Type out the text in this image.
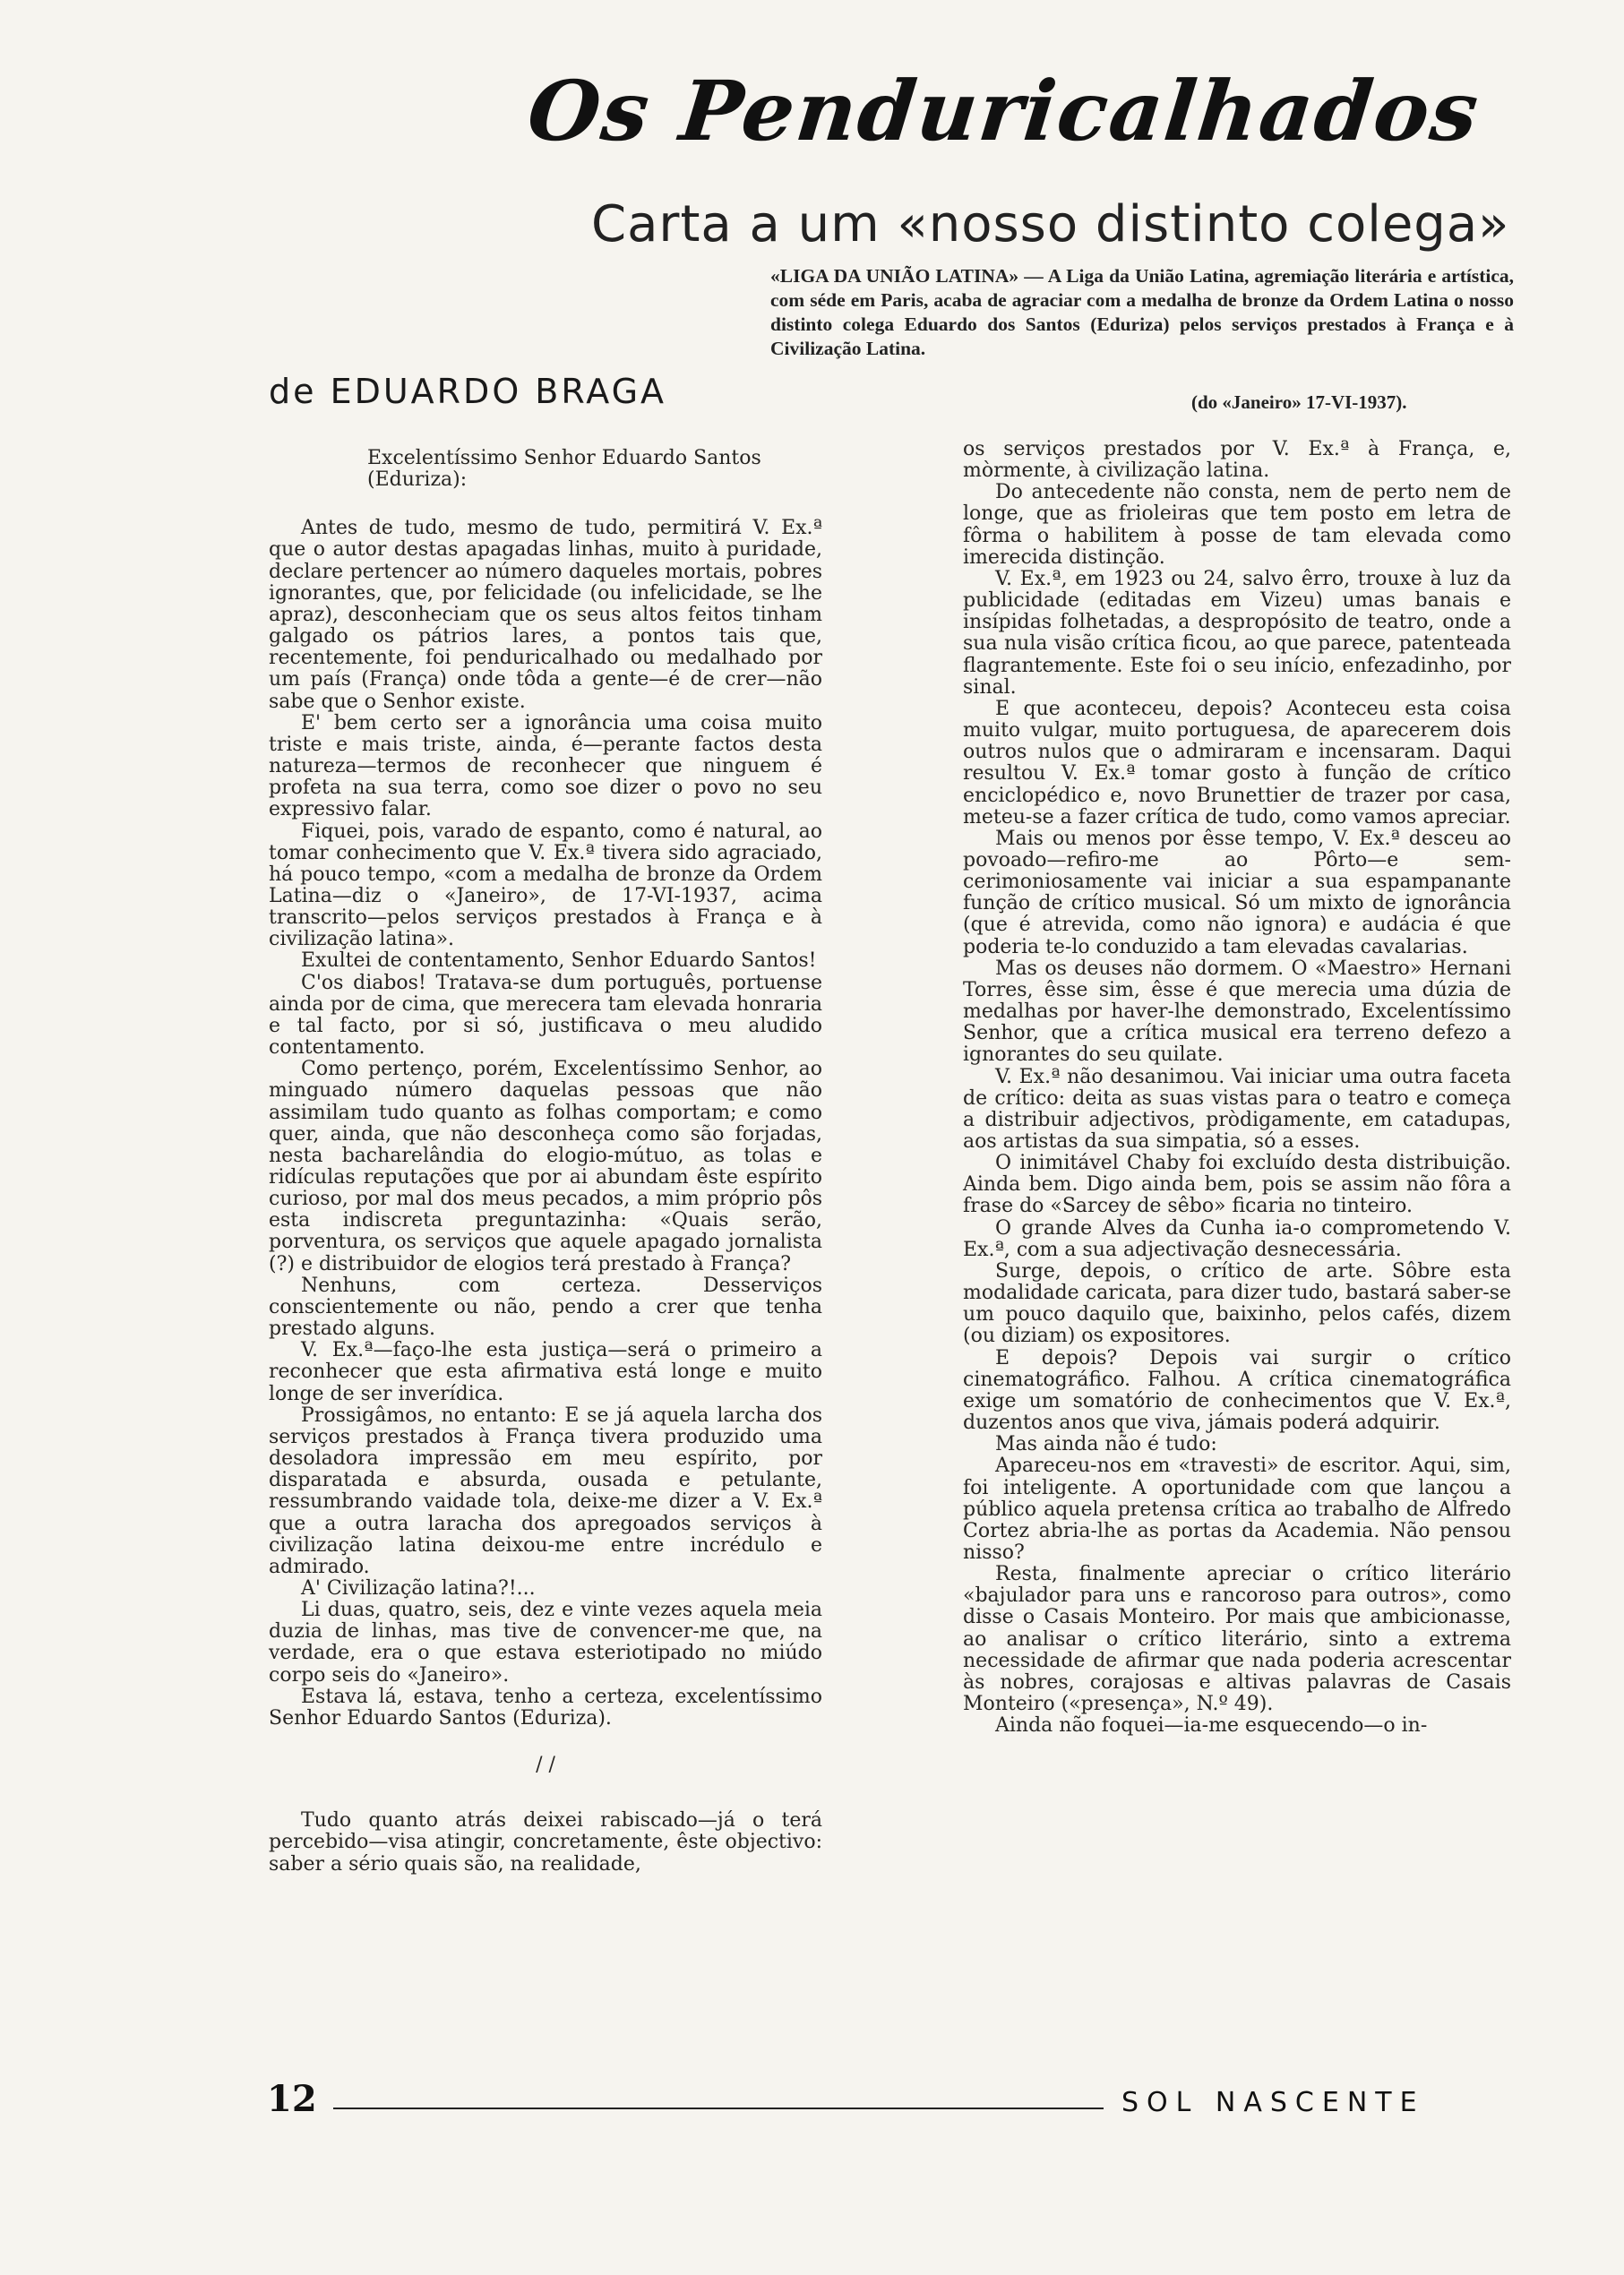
Os Penduricalhados
Carta a um «nosso distinto colega»
de EDUARDO BRAGA
«LIGA DA UNIÃO LATINA» — A Liga da União Latina, agremiação literária e artística, com séde em Paris, acaba de agraciar com a medalha de bronze da Ordem Latina o nosso distinto colega Eduardo dos Santos (Eduriza) pelos serviços prestados à França e à Civilização Latina.
(do «Janeiro» 17-VI-1937).

Excelentíssimo Senhor Eduardo Santos

(Eduriza):

Antes de tudo, mesmo de tudo, permitirá V. Ex.ª que o autor destas apagadas linhas, muito à puridade, declare pertencer ao número daqueles mortais, pobres ignorantes, que, por felicidade (ou infelicidade, se lhe apraz), desconheciam que os seus altos feitos tinham galgado os pátrios lares, a pontos tais que, recentemente, foi penduricalhado ou medalhado por um país (França) onde tôda a gente—é de crer—não sabe que o Senhor existe.

E' bem certo ser a ignorância uma coisa muito triste e mais triste, ainda, é—perante factos desta natureza—termos de reconhecer que ninguem é profeta na sua terra, como soe dizer o povo no seu expressivo falar.

Fiquei, pois, varado de espanto, como é natural, ao tomar conhecimento que V. Ex.ª tivera sido agraciado, há pouco tempo, «com a medalha de bronze da Ordem Latina—diz o «Janeiro», de 17-VI-1937, acima transcrito—pelos serviços prestados à França e à civilização latina».

Exultei de contentamento, Senhor Eduardo Santos!

C'os diabos! Tratava-se dum português, portuense ainda por de cima, que merecera tam elevada honraria e tal facto, por si só, justificava o meu aludido contentamento.

Como pertenço, porém, Excelentíssimo Senhor, ao minguado número daquelas pessoas que não assimilam tudo quanto as folhas comportam; e como quer, ainda, que não desconheça como são forjadas, nesta bacharelândia do elogio-mútuo, as tolas e ridículas reputações que por ai abundam êste espírito curioso, por mal dos meus pecados, a mim próprio pôs esta indiscreta preguntazinha: «Quais serão, porventura, os serviços que aquele apagado jornalista (?) e distribuidor de elogios terá prestado à França?

Nenhuns, com certeza. Desserviços conscientemente ou não, pendo a crer que tenha prestado alguns.

V. Ex.ª—faço-lhe esta justiça—será o primeiro a reconhecer que esta afirmativa está longe e muito longe de ser inverídica.

Prossigâmos, no entanto: E se já aquela larcha dos serviços prestados à França tivera produzido uma desoladora impressão em meu espírito, por disparatada e absurda, ousada e petulante, ressumbrando vaidade tola, deixe-me dizer a V. Ex.ª que a outra laracha dos apregoados serviços à civilização latina deixou-me entre incrédulo e admirado.

A' Civilização latina?!...

Li duas, quatro, seis, dez e vinte vezes aquela meia duzia de linhas, mas tive de convencer-me que, na verdade, era o que estava esteriotipado no miúdo corpo seis do «Janeiro».

Estava lá, estava, tenho a certeza, excelentíssimo Senhor Eduardo Santos (Eduriza).

/ /

Tudo quanto atrás deixei rabiscado—já o terá percebido—visa atingir, concretamente, êste objectivo: saber a sério quais são, na realidade,

os serviços prestados por V. Ex.ª à França, e, mòrmente, à civilização latina.

Do antecedente não consta, nem de perto nem de longe, que as frioleiras que tem posto em letra de fôrma o habilitem à posse de tam elevada como imerecida distinção.

V. Ex.ª, em 1923 ou 24, salvo êrro, trouxe à luz da publicidade (editadas em Vizeu) umas banais e insípidas folhetadas, a despropósito de teatro, onde a sua nula visão crítica ficou, ao que parece, patenteada flagrantemente. Este foi o seu início, enfezadinho, por sinal.

E que aconteceu, depois? Aconteceu esta coisa muito vulgar, muito portuguesa, de aparecerem dois outros nulos que o admiraram e incensaram. Daqui resultou V. Ex.ª tomar gosto à função de crítico enciclopédico e, novo Brunettier de trazer por casa, meteu-se a fazer crítica de tudo, como vamos apreciar.

Mais ou menos por êsse tempo, V. Ex.ª desceu ao povoado—refiro-me ao Pôrto—e sem-cerimoniosamente vai iniciar a sua espampanante função de crítico musical. Só um mixto de ignorância (que é atrevida, como não ignora) e audácia é que poderia te-lo conduzido a tam elevadas cavalarias.

Mas os deuses não dormem. O «Maestro» Hernani Torres, êsse sim, êsse é que merecia uma dúzia de medalhas por haver-lhe demonstrado, Excelentíssimo Senhor, que a crítica musical era terreno defezo a ignorantes do seu quilate.

V. Ex.ª não desanimou. Vai iniciar uma outra faceta de crítico: deita as suas vistas para o teatro e começa a distribuir adjectivos, pròdigamente, em catadupas, aos artistas da sua simpatia, só a esses.

O inimitável Chaby foi excluído desta distribuição. Ainda bem. Digo ainda bem, pois se assim não fôra a frase do «Sarcey de sêbo» ficaria no tinteiro.

O grande Alves da Cunha ia-o comprometendo V. Ex.ª, com a sua adjectivação desnecessária.

Surge, depois, o crítico de arte. Sôbre esta modalidade caricata, para dizer tudo, bastará saber-se um pouco daquilo que, baixinho, pelos cafés, dizem (ou diziam) os expositores.

E depois? Depois vai surgir o crítico cinematográfico. Falhou. A crítica cinematográfica exige um somatório de conhecimentos que V. Ex.ª, duzentos anos que viva, jámais poderá adquirir.

Mas ainda não é tudo:

Apareceu-nos em «travesti» de escritor. Aqui, sim, foi inteligente. A oportunidade com que lançou a público aquela pretensa crítica ao trabalho de Alfredo Cortez abria-lhe as portas da Academia. Não pensou nisso?

Resta, finalmente apreciar o crítico literário «bajulador para uns e rancoroso para outros», como disse o Casais Monteiro. Por mais que ambicionasse, ao analisar o crítico literário, sinto a extrema necessidade de afirmar que nada poderia acrescentar às nobres, corajosas e altivas palavras de Casais Monteiro («presença», N.º 49).

Ainda não foquei—ia-me esquecendo—o in-

12	SOL NASCENTE
